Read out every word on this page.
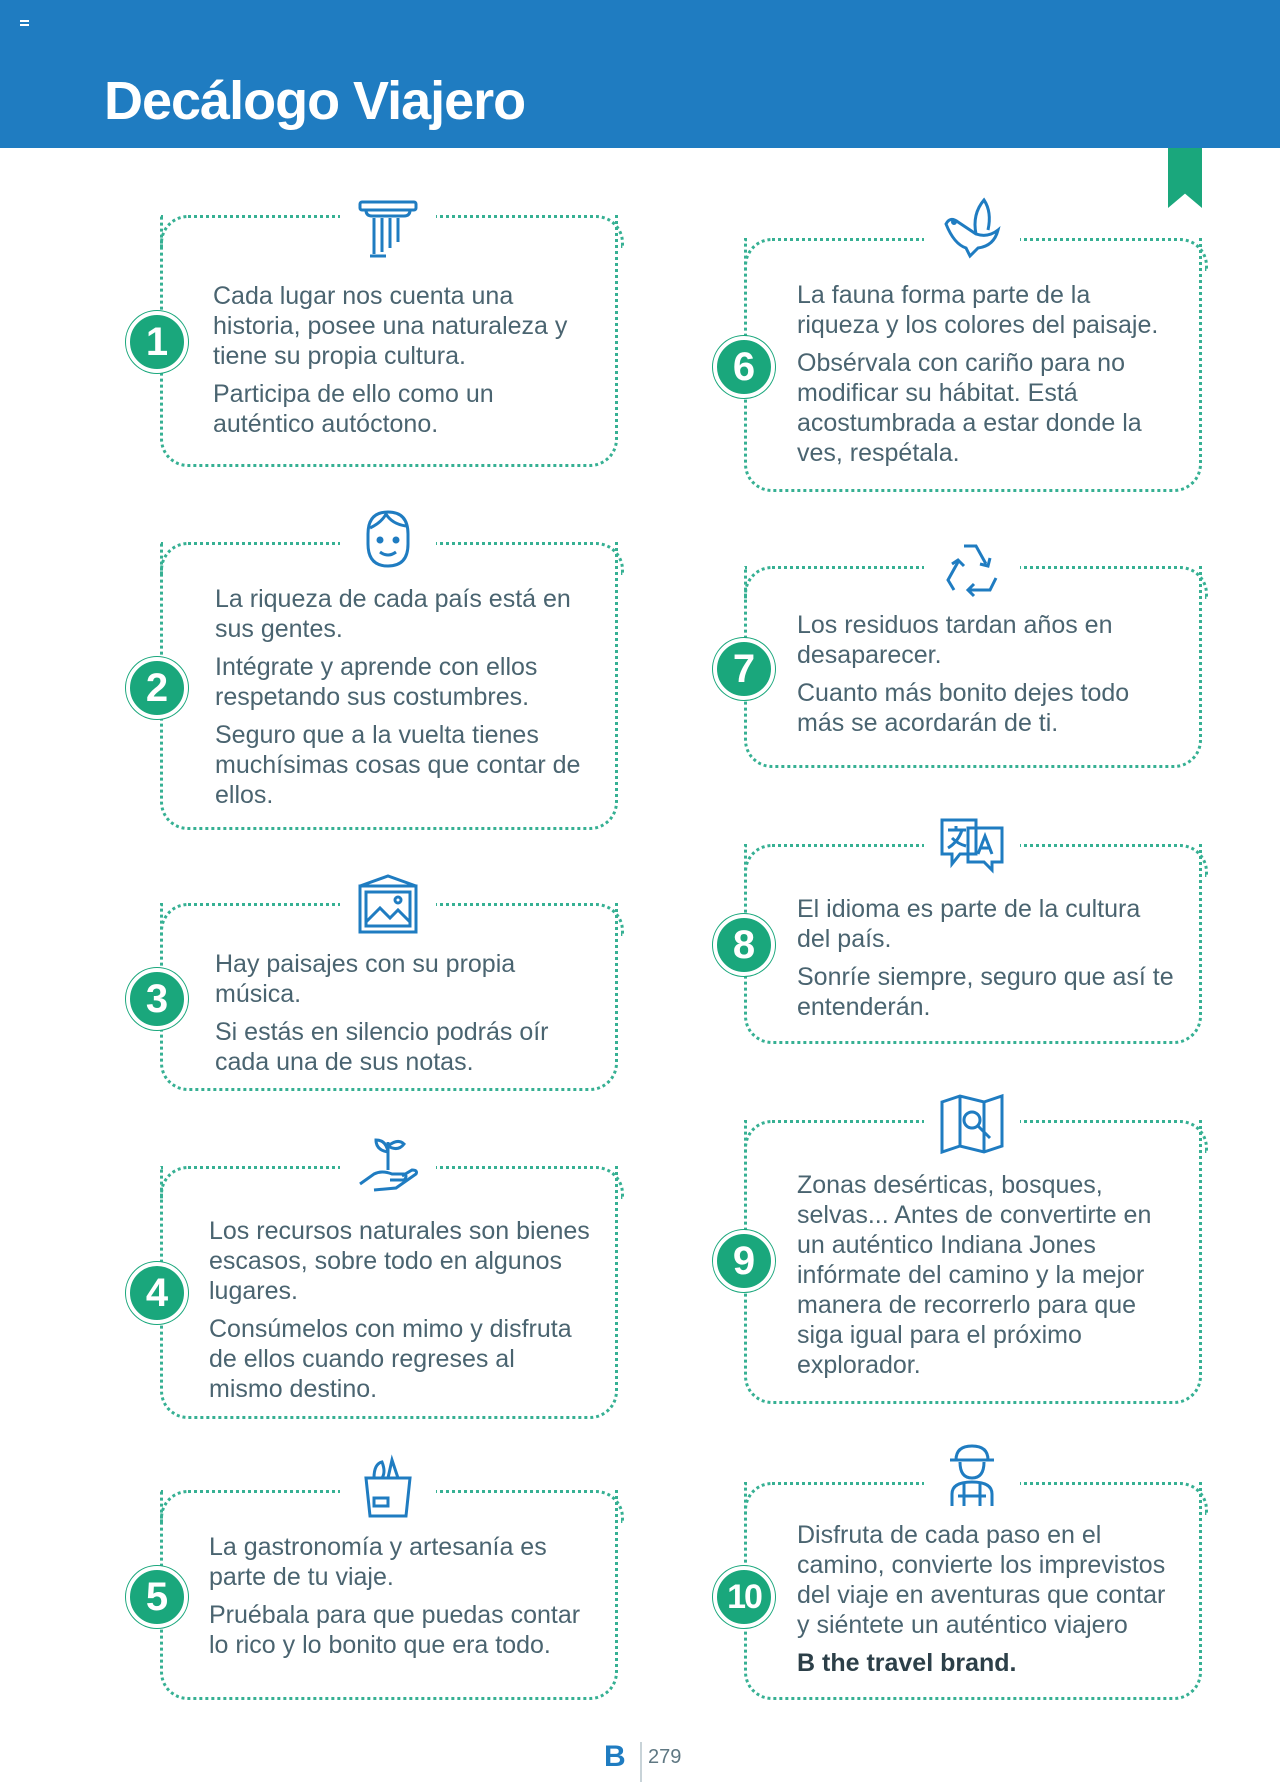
Decálogo Viajero

Cada lugar nos cuenta una historia, posee una naturaleza y tiene su propia cultura.

Participa de ello como un auténtico autóctono.

1

La riqueza de cada país está en sus gentes.

Intégrate y aprende con ellos respetando sus costumbres.

Seguro que a la vuelta tienes muchísimas cosas que contar de ellos.

2

Hay paisajes con su propia música.

Si estás en silencio podrás oír cada una de sus notas.

3

Los recursos naturales son bienes escasos, sobre todo en algunos lugares.

Consúmelos con mimo y disfruta de ellos cuando regreses al mismo destino.

4

La gastronomía y artesanía es parte de tu viaje.

Pruébala para que puedas contar lo rico y lo bonito que era todo.

5

La fauna forma parte de la riqueza y los colores del paisaje.

Obsérvala con cariño para no modificar su hábitat. Está acostumbrada a estar donde la ves, respétala.

6

Los residuos tardan años en desaparecer.

Cuanto más bonito dejes todo más se acordarán de ti.

7

El idioma es parte de la cultura del país.

Sonríe siempre, seguro que así te entenderán.

8

Zonas desérticas, bosques, selvas... Antes de convertirte en un auténtico Indiana Jones infórmate del camino y la mejor manera de recorrerlo para que siga igual para el próximo explorador.

9

Disfruta de cada paso en el camino, convierte los imprevistos del viaje en aventuras que contar y siéntete un auténtico viajero

B the travel brand.

10
B 279
